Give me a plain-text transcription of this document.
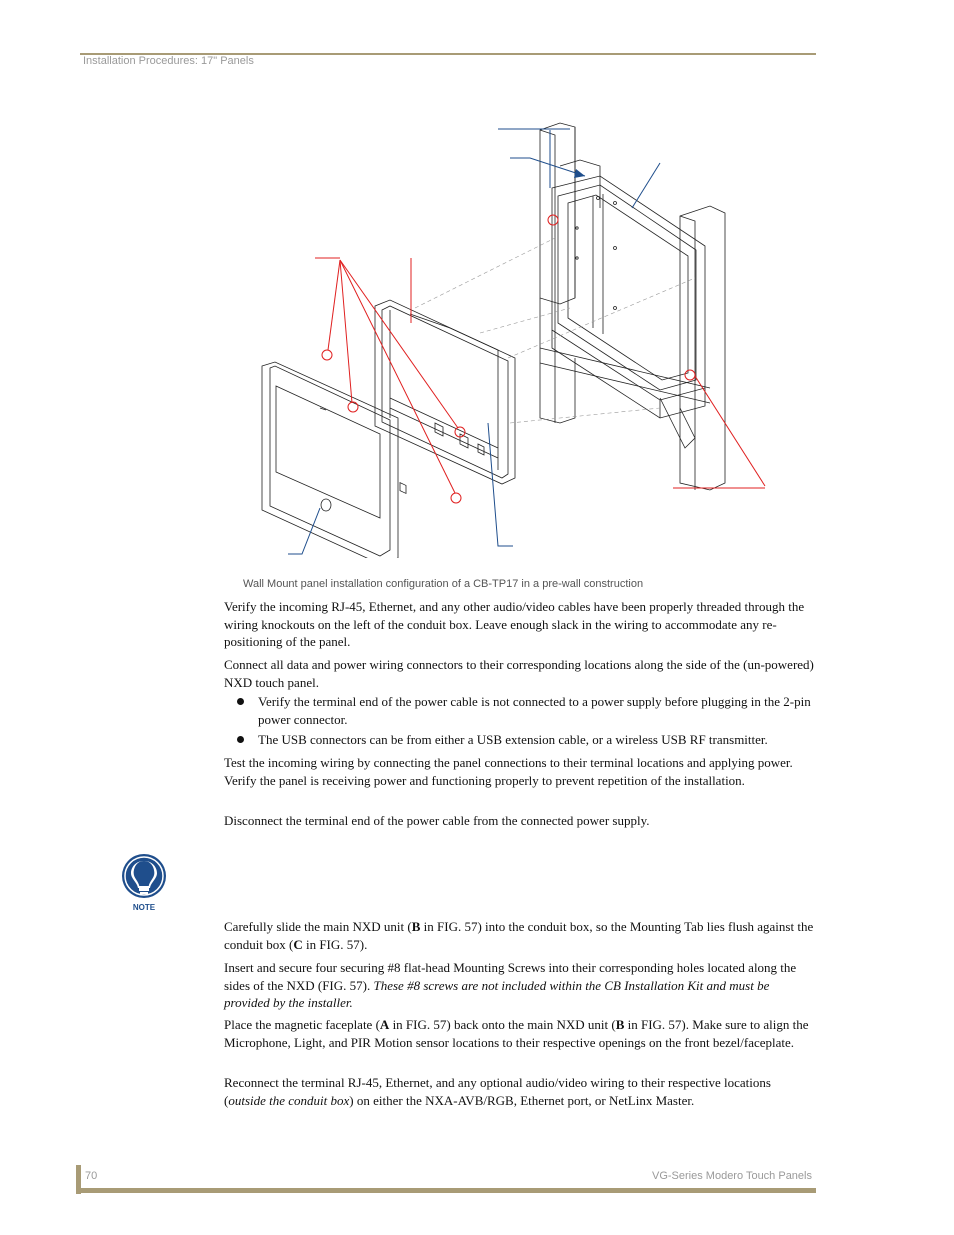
Installation Procedures: 17" Panels
Wall Mount panel installation configuration of a CB-TP17 in a pre-wall construction

Verify the incoming RJ-45, Ethernet, and any other audio/video cables have been properly threaded through the wiring knockouts on the left of the conduit box. Leave enough slack in the wiring to accommodate any re-positioning of the panel.

Connect all data and power wiring connectors to their corresponding locations along the side of the (un-powered) NXD touch panel.

Verify the terminal end of the power cable is not connected to a power supply before plugging in the 2-pin power connector.
The USB connectors can be from either a USB extension cable, or a wireless USB RF transmitter.

Test the incoming wiring by connecting the panel connections to their terminal locations and applying power. Verify the panel is receiving power and functioning properly to prevent repetition of the installation.

Disconnect the terminal end of the power cable from the connected power supply.

NOTE

Carefully slide the main NXD unit (B in FIG. 57) into the conduit box, so the Mounting Tab lies flush against the conduit box (C in FIG. 57).

Insert and secure four securing #8 flat-head Mounting Screws into their corresponding holes located along the sides of the NXD (FIG. 57). These #8 screws are not included within the CB Installation Kit and must be provided by the installer.

Place the magnetic faceplate (A in FIG. 57) back onto the main NXD unit (B in FIG. 57). Make sure to align the Microphone, Light, and PIR Motion sensor locations to their respective openings on the front bezel/faceplate.

Reconnect the terminal RJ-45, Ethernet, and any optional audio/video wiring to their respective locations (outside the conduit box) on either the NXA-AVB/RGB, Ethernet port, or NetLinx Master.

70	VG-Series Modero Touch Panels
